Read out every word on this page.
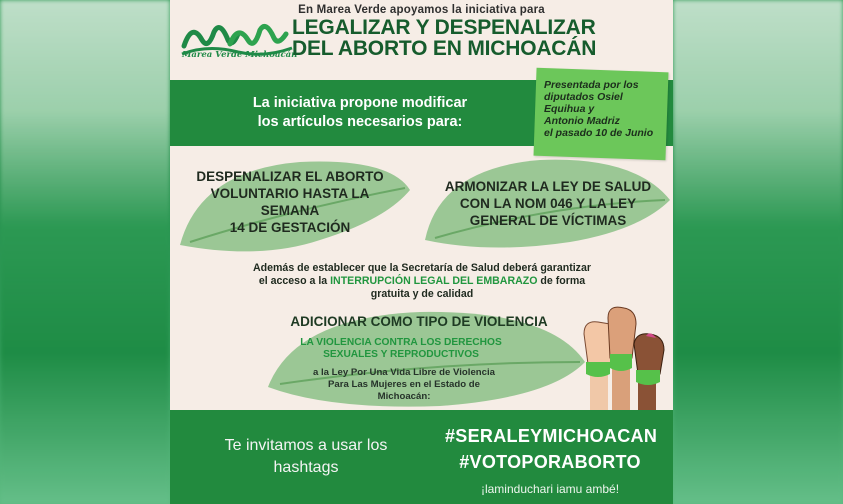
En Marea Verde apoyamos la iniciativa para
Marea Verde Michoacán
LEGALIZAR Y DESPENALIZAR
DEL ABORTO EN MICHOACÁN
La iniciativa propone modificar
los artículos necesarios para:
Presentada por los
diputados Osiel Equihua y
Antonio Madriz
el pasado 10 de Junio
DESPENALIZAR EL ABORTO
VOLUNTARIO HASTA LA
SEMANA
14 DE GESTACIÓN
ARMONIZAR LA LEY DE SALUD
CON LA NOM 046 Y LA LEY
GENERAL DE VÍCTIMAS
Además de establecer que la Secretaría de Salud deberá garantizar
el acceso a la INTERRUPCIÓN LEGAL DEL EMBARAZO de forma
gratuita y de calidad
ADICIONAR COMO TIPO DE VIOLENCIA
LA VIOLENCIA CONTRA LOS DERECHOS
SEXUALES Y REPRODUCTIVOS
a la Ley Por Una Vida Libre de Violencia
Para Las Mujeres en el Estado de
Michoacán:
Te invitamos a usar los
hashtags
#SERALEYMICHOACAN
#VOTOPORABORTO
¡laminduchari iamu ambé!
